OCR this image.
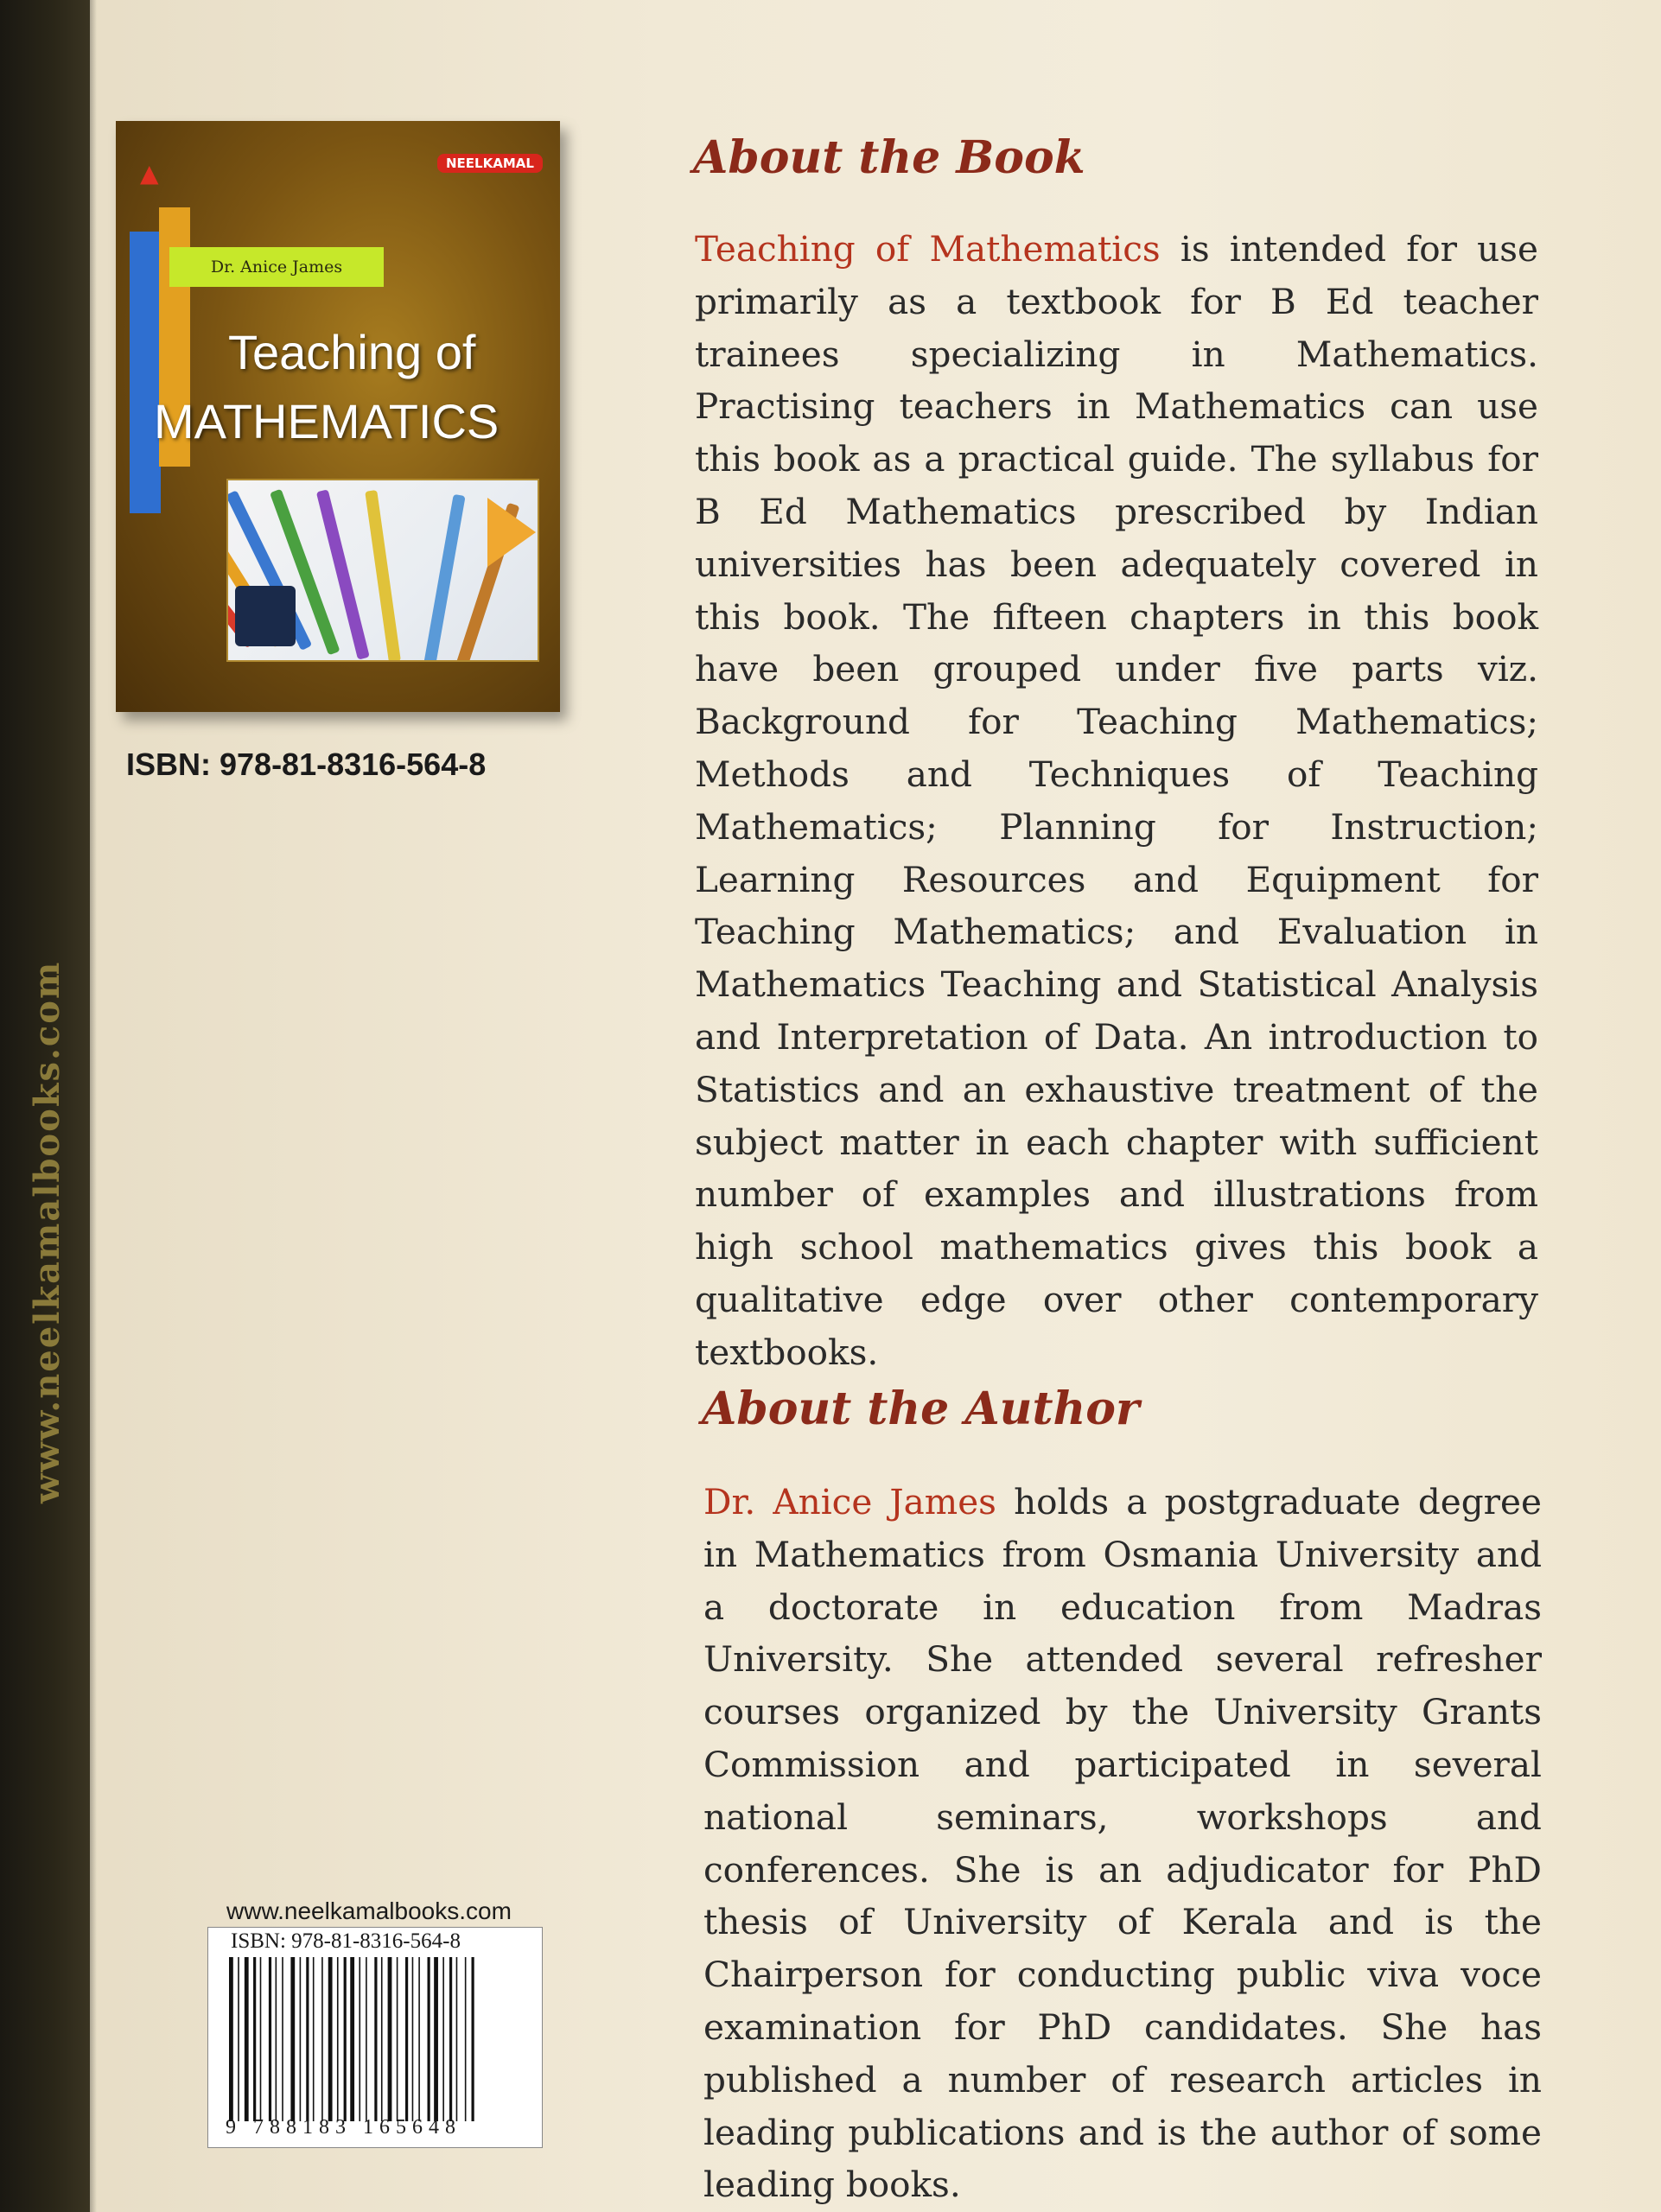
www.neelkamalbooks.com
▲	NEELKAMAL
Dr. Anice James
Teaching of
MATHEMATICS
ISBN: 978-81-8316-564-8
www.neelkamalbooks.com
ISBN: 978-81-8316-564-8
9 788183 165648
About the Book
Teaching of Mathematics is intended for use primarily as a textbook for B Ed teacher trainees specializing in Mathematics. Practising teachers in Mathematics can use this book as a practical guide. The syllabus for B Ed Mathematics prescribed by Indian universities has been adequately covered in this book. The fifteen chapters in this book have been grouped under five parts viz. Background for Teaching Mathematics; Methods and Techniques of Teaching Mathematics; Planning for Instruction; Learning Resources and Equipment for Teaching Mathematics; and Evaluation in Mathematics Teaching and Statistical Analysis and Interpretation of Data. An introduction to Statistics and an exhaustive treatment of the subject matter in each chapter with sufficient number of examples and illustrations from high school mathematics gives this book a qualitative edge over other contemporary textbooks.
About the Author
Dr. Anice James holds a postgraduate degree in Mathematics from Osmania University and a doctorate in education from Madras University. She attended several refresher courses organized by the University Grants Commission and participated in several national seminars, workshops and conferences. She is an adjudicator for PhD thesis of University of Kerala and is the Chairperson for conducting public viva voce examination for PhD candidates. She has published a number of research articles in leading publications and is the author of some leading books.
